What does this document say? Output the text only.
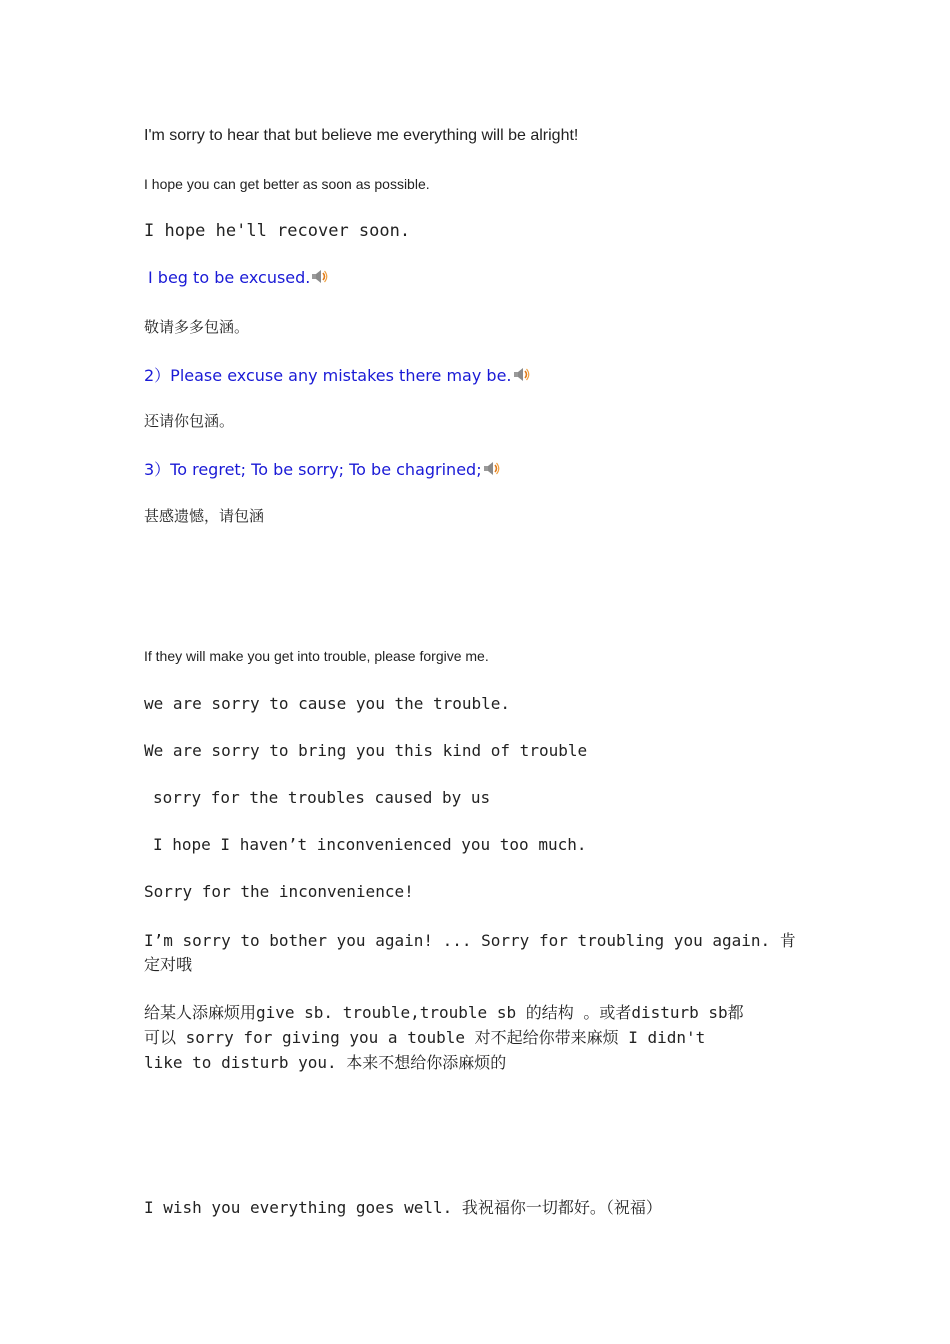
I'm sorry to hear that but believe me everything will be alright!
I hope you can get better as soon as possible.
I hope he'll recover soon.
I beg to be excused.
敬请多多包涵。
2）Please excuse any mistakes there may be.
还请你包涵。
3）To regret; To be sorry; To be chagrined;
甚感遗憾，请包涵
If they will make you get into trouble, please forgive me.
we are sorry to cause you the trouble.
We are sorry to bring you this kind of trouble
sorry for the troubles caused by us
I hope I haven’t inconvenienced you too much.
Sorry for the inconvenience!
I’m sorry to bother you again! ... Sorry for troubling you again. 肯
定对哦
给某人添麻烦用give sb. trouble,trouble sb 的结构 。或者disturb sb都
可以 sorry for giving you a touble 对不起给你带来麻烦 I didn't
like to disturb you. 本来不想给你添麻烦的
I wish you everything goes well. 我祝福你一切都好。（祝福）
